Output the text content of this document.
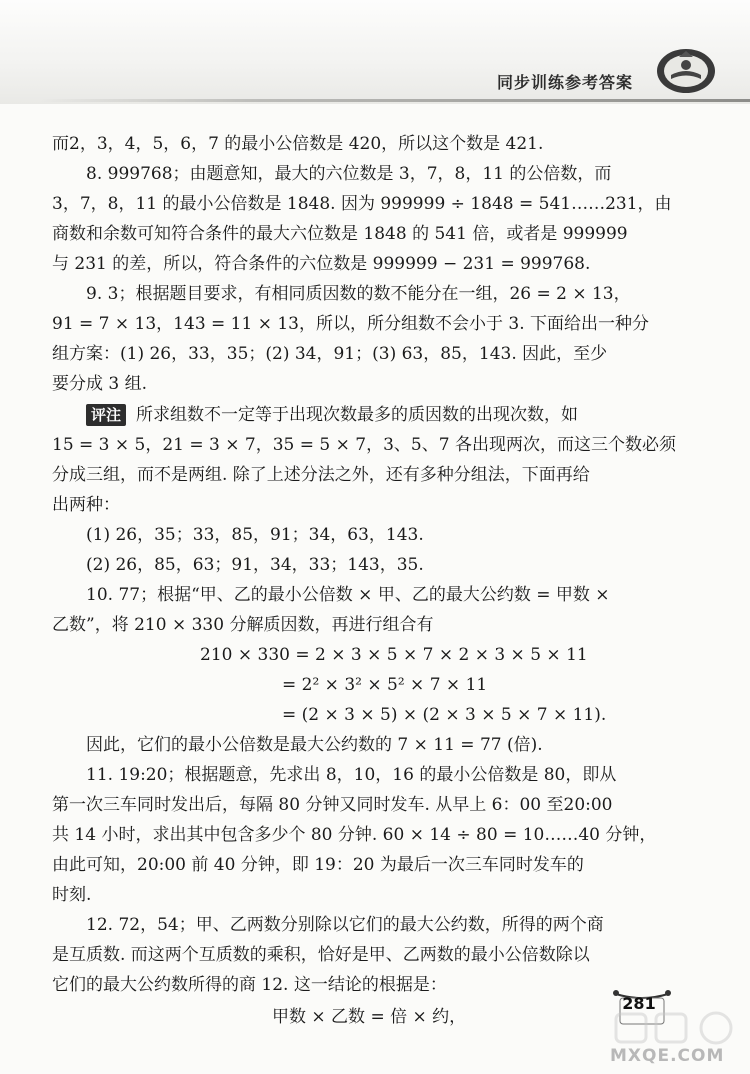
同步训练参考答案
而2，3，4，5，6，7 的最小公倍数是 420，所以这个数是 421.
8. 999768；由题意知，最大的六位数是 3，7，8，11 的公倍数，而
3，7，8，11 的最小公倍数是 1848. 因为 999999 ÷ 1848 = 541……231，由
商数和余数可知符合条件的最大六位数是 1848 的 541 倍，或者是 999999
与 231 的差，所以，符合条件的六位数是 999999 − 231 = 999768.
9. 3；根据题目要求，有相同质因数的数不能分在一组，26 = 2 × 13，
91 = 7 × 13，143 = 11 × 13，所以，所分组数不会小于 3. 下面给出一种分
组方案：(1) 26，33，35；(2) 34，91；(3) 63，85，143. 因此，至少
要分成 3 组.
评注 所求组数不一定等于出现次数最多的质因数的出现次数，如
15 = 3 × 5，21 = 3 × 7，35 = 5 × 7，3、5、7 各出现两次，而这三个数必须
分成三组，而不是两组. 除了上述分法之外，还有多种分组法，下面再给
出两种：
(1) 26，35；33，85，91；34，63，143.
(2) 26，85，63；91，34，33；143，35.
10. 77；根据“甲、乙的最小公倍数 × 甲、乙的最大公约数 = 甲数 ×
乙数”，将 210 × 330 分解质因数，再进行组合有
210 × 330 = 2 × 3 × 5 × 7 × 2 × 3 × 5 × 11
= 2² × 3² × 5² × 7 × 11
= (2 × 3 × 5) × (2 × 3 × 5 × 7 × 11).
因此，它们的最小公倍数是最大公约数的 7 × 11 = 77 (倍).
11. 19:20；根据题意，先求出 8，10，16 的最小公倍数是 80，即从
第一次三车同时发出后，每隔 80 分钟又同时发车. 从早上 6：00 至20:00
共 14 小时，求出其中包含多少个 80 分钟. 60 × 14 ÷ 80 = 10……40 分钟，
由此可知，20:00 前 40 分钟，即 19：20 为最后一次三车同时发车的
时刻.
12. 72，54；甲、乙两数分别除以它们的最大公约数，所得的两个商
是互质数. 而这两个互质数的乘积，恰好是甲、乙两数的最小公倍数除以
它们的最大公约数所得的商 12. 这一结论的根据是：
甲数 × 乙数 = 倍 × 约，
281
MXQE.COM
